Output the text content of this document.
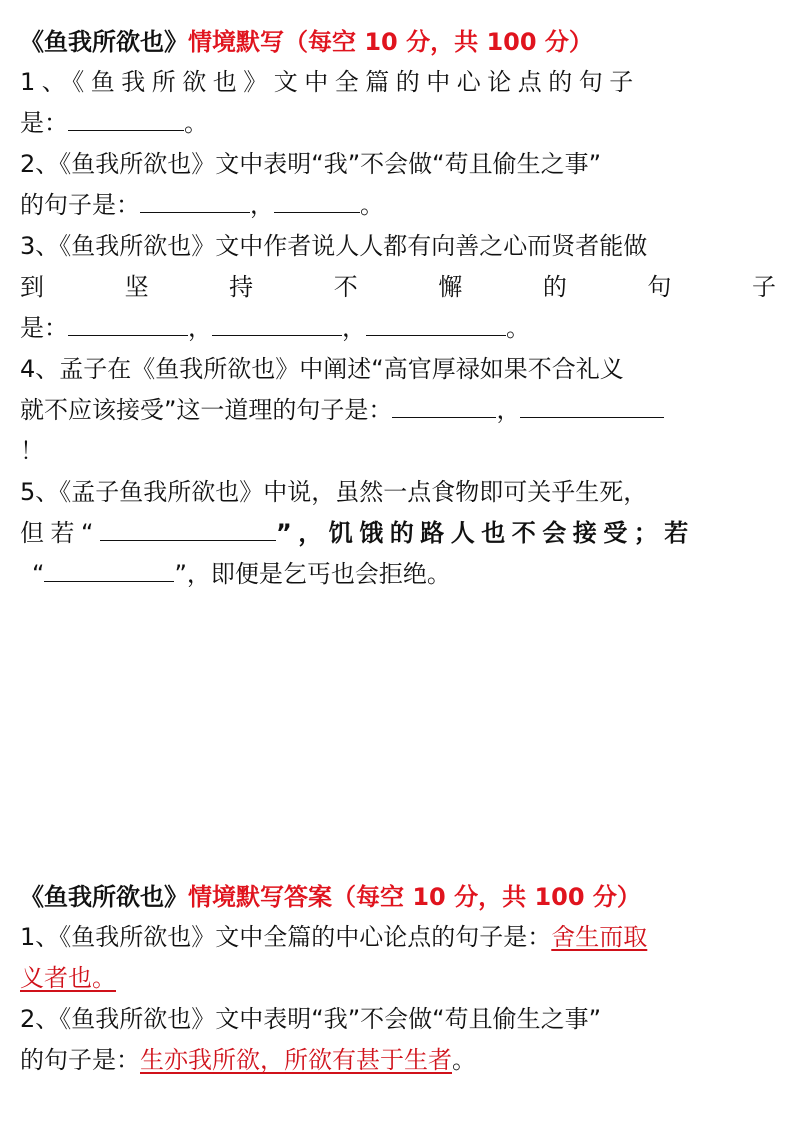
《鱼我所欲也》情境默写（每空 10 分，共 100 分）
1、《鱼我所欲也》文中全篇的中心论点的句子
是：	。
2、《鱼我所欲也》文中表明“我”不会做“苟且偷生之事”
的句子是：	，	。
3、《鱼我所欲也》文中作者说人人都有向善之心而贤者能做
到	坚	持	不	懈	的	句	子
是：	，	，	。
4、孟子在《鱼我所欲也》中阐述“高官厚禄如果不合礼义
就不应该接受”这一道理的句子是：	，
！
5、《孟子鱼我所欲也》中说，虽然一点食物即可关乎生死，
但若“	”，饥饿的路人也不会接受；若
“	”，即便是乞丐也会拒绝。
《鱼我所欲也》情境默写答案（每空 10 分，共 100 分）
1、《鱼我所欲也》文中全篇的中心论点的句子是：舍生而取
义者也。
2、《鱼我所欲也》文中表明“我”不会做“苟且偷生之事”
的句子是：生亦我所欲，所欲有甚于生者。
